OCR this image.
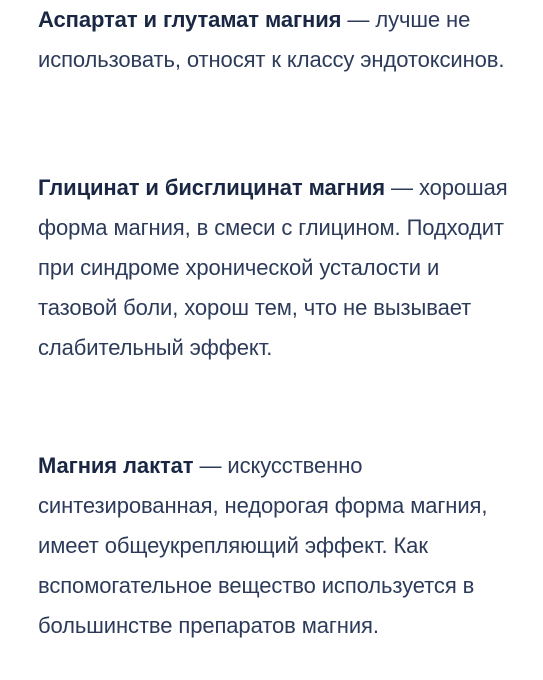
Аспартат и глутамат магния — лучше не использовать, относят к классу эндотоксинов.

Глицинат и бисглицинат магния — хорошая форма магния, в смеси с глицином. Подходит при синдроме хронической усталости и тазовой боли, хорош тем, что не вызывает слабительный эффект.

Магния лактат — искусственно синтезированная, недорогая форма магния, имеет общеукрепляющий эффект. Как вспомогательное вещество используется в большинстве препаратов магния.
